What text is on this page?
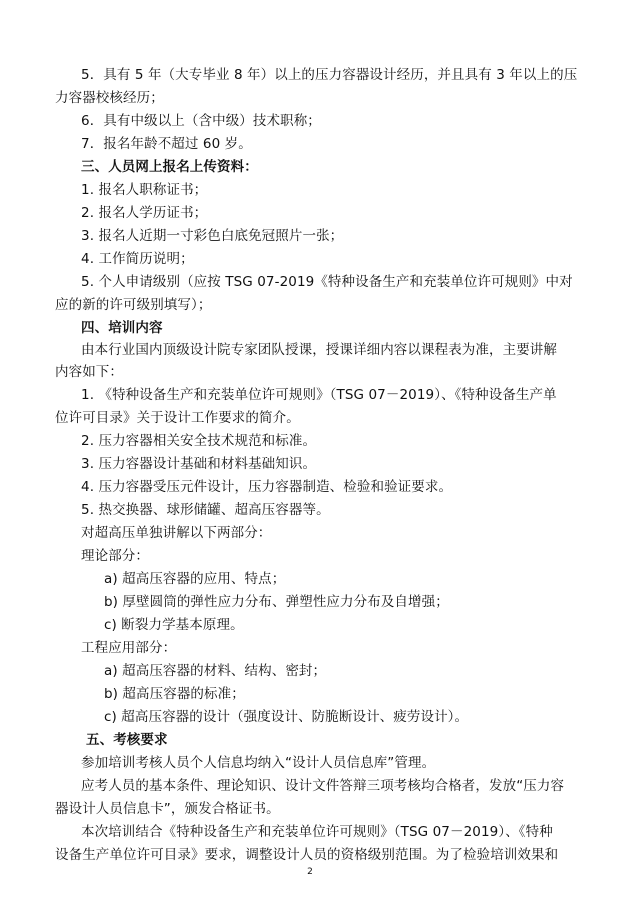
5．具有 5 年（大专毕业 8 年）以上的压力容器设计经历，并且具有 3 年以上的压
力容器校核经历；
6．具有中级以上（含中级）技术职称；
7．报名年龄不超过 60 岁。
三、人员网上报名上传资料：
1. 报名人职称证书；
2. 报名人学历证书；
3. 报名人近期一寸彩色白底免冠照片一张；
4. 工作简历说明；
5. 个人申请级别（应按 TSG 07-2019《特种设备生产和充装单位许可规则》中对
应的新的许可级别填写）；
四、培训内容
由本行业国内顶级设计院专家团队授课，授课详细内容以课程表为准，主要讲解
内容如下：
1. 《特种设备生产和充装单位许可规则》（TSG 07－2019）、《特种设备生产单
位许可目录》关于设计工作要求的简介。
2. 压力容器相关安全技术规范和标准。
3. 压力容器设计基础和材料基础知识。
4. 压力容器受压元件设计，压力容器制造、检验和验证要求。
5. 热交换器、球形储罐、超高压容器等。
对超高压单独讲解以下两部分：
理论部分：
a) 超高压容器的应用、特点；
b) 厚壁圆筒的弹性应力分布、弹塑性应力分布及自增强；
c) 断裂力学基本原理。
工程应用部分：
a) 超高压容器的材料、结构、密封；
b) 超高压容器的标准；
c) 超高压容器的设计（强度设计、防脆断设计、疲劳设计）。
五、考核要求
参加培训考核人员个人信息均纳入“设计人员信息库”管理。
应考人员的基本条件、理论知识、设计文件答辩三项考核均合格者，发放“压力容
器设计人员信息卡”，颁发合格证书。
本次培训结合《特种设备生产和充装单位许可规则》（TSG 07－2019）、《特种
设备生产单位许可目录》要求，调整设计人员的资格级别范围。为了检验培训效果和
2
